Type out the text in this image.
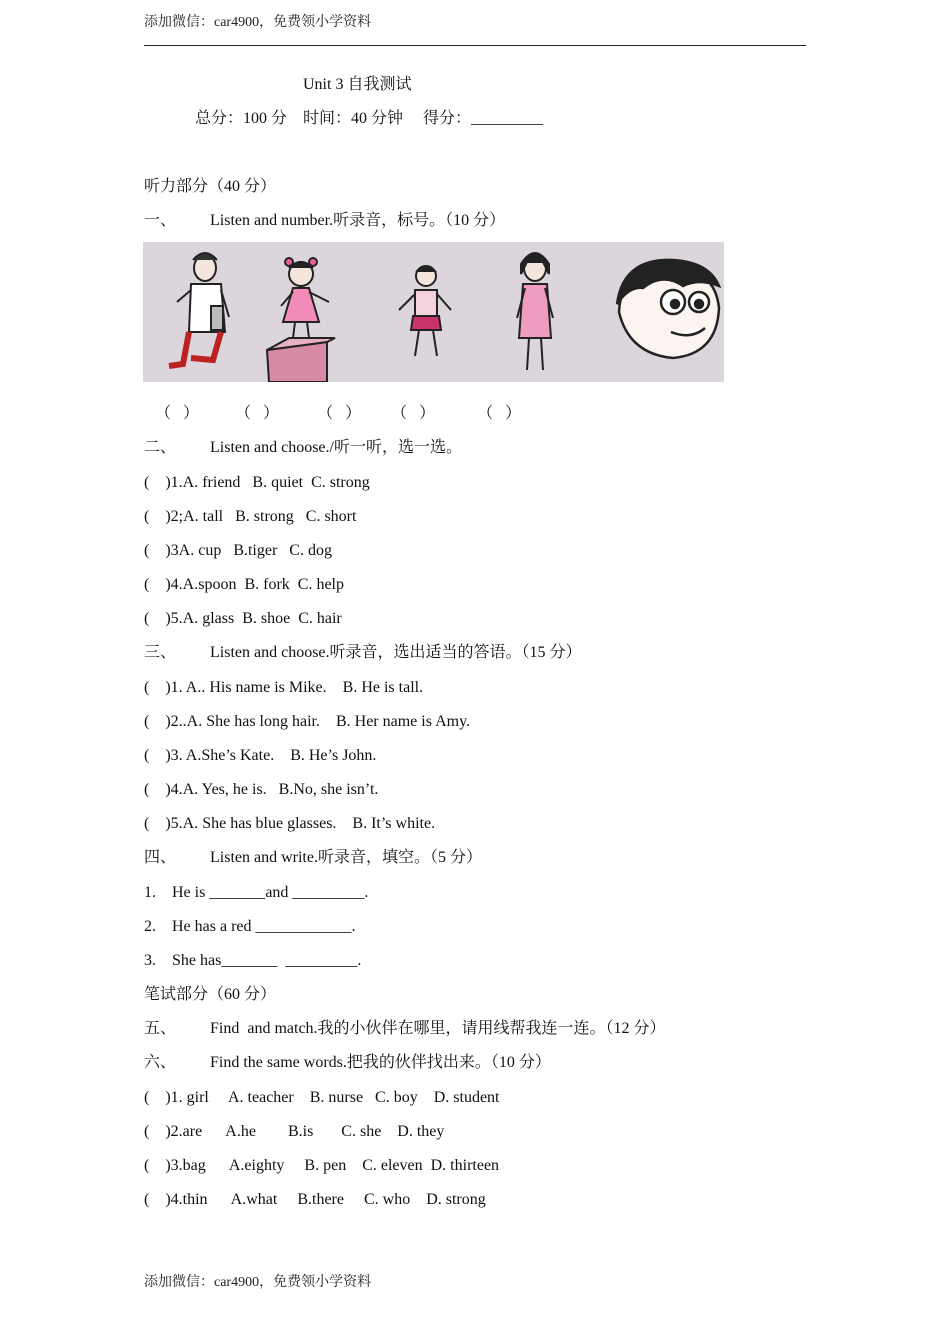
添加微信：car4900，免费领小学资料
Unit 3 自我测试
总分：100 分    时间：40 分钟     得分：_________
听力部分（40 分）
一、 Listen and number.听录音，标号。（10 分）
（ ） （ ） （ ） （ ）	（ ）
二、 Listen and choose./听一听，选一选。
(    )1.A. friend   B. quiet  C. strong
(    )2;A. tall   B. strong   C. short
(    )3A. cup   B.tiger   C. dog
(    )4.A.spoon  B. fork  C. help
(    )5.A. glass  B. shoe  C. hair
三、 Listen and choose.听录音，选出适当的答语。（15 分）
(    )1. A.. His name is Mike.    B. He is tall.
(    )2..A. She has long hair.    B. Her name is Amy.
(    )3. A.She’s Kate.    B. He’s John.
(    )4.A. Yes, he is.   B.No, she isn’t.
(    )5.A. She has blue glasses.    B. It’s white.
四、 Listen and write.听录音，填空。（5 分）
1.    He is _______and _________.
2.    He has a red ____________.
3.    She has_______  _________.
笔试部分（60 分）
五、 Find  and match.我的小伙伴在哪里，请用线帮我连一连。（12 分）
六、 Find the same words.把我的伙伴找出来。（10 分）
(    )1. girl     A. teacher    B. nurse   C. boy    D. student
(    )2.are      A.he        B.is       C. she    D. they
(    )3.bag      A.eighty     B. pen    C. eleven  D. thirteen
(    )4.thin      A.what     B.there     C. who    D. strong
添加微信：car4900，免费领小学资料
